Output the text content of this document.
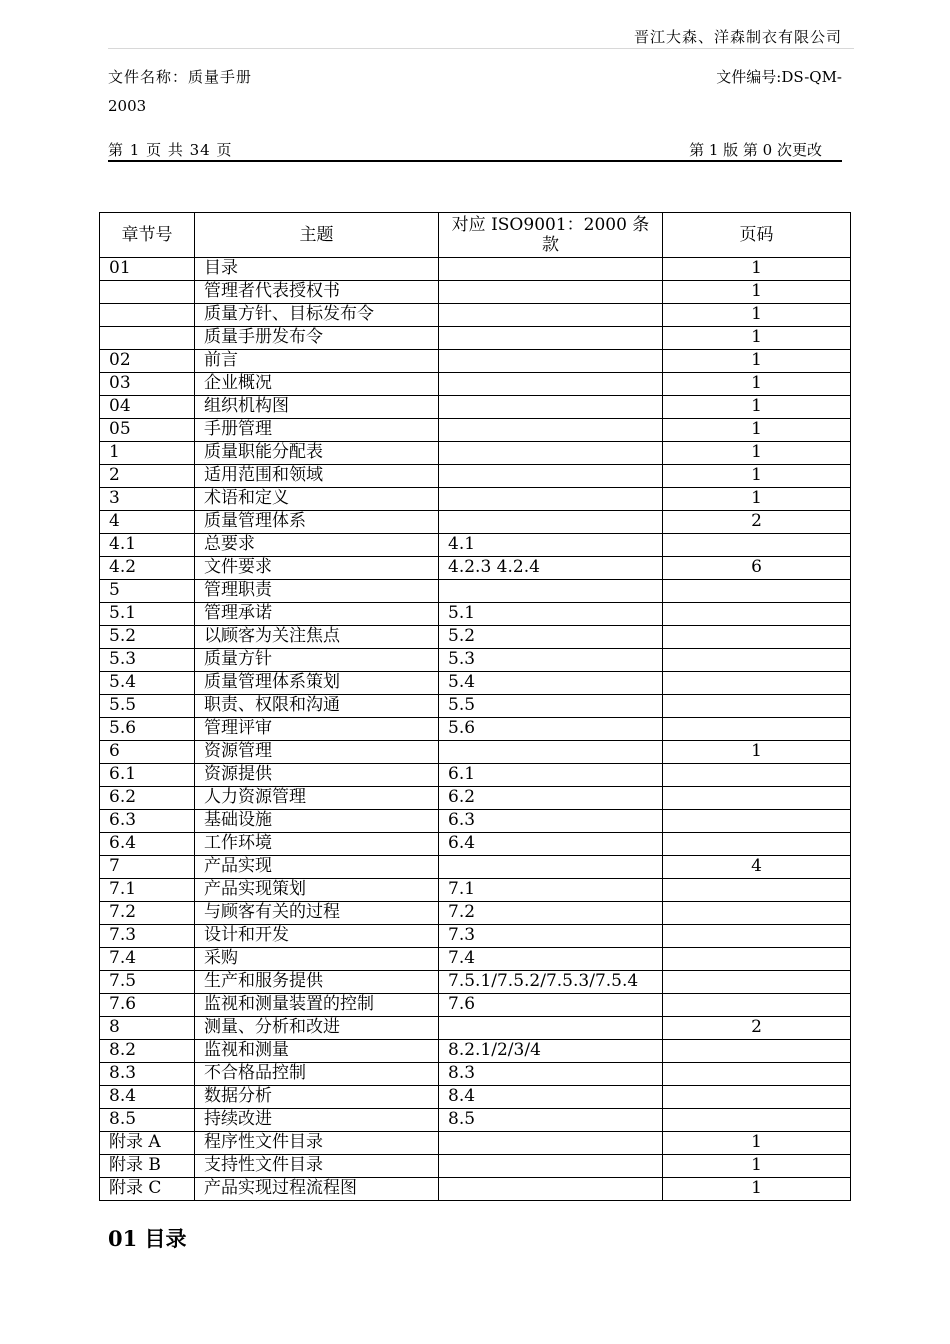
晋江大森、洋森制衣有限公司
文件名称：质量手册	文件编号:DS-QM-
2003
第 1 页 共 34 页	第 1 版 第 0 次更改
章节号	主题	对应 ISO9001：2000 条款	页码
01	目录		1
	管理者代表授权书		1
	质量方针、目标发布令		1
	质量手册发布令		1
02	前言		1
03	企业概况		1
04	组织机构图		1
05	手册管理		1
1	质量职能分配表		1
2	适用范围和领域		1
3	术语和定义		1
4	质量管理体系		2
4.1	总要求	4.1	
4.2	文件要求	4.2.3 4.2.4	6
5	管理职责		
5.1	管理承诺	5.1	
5.2	以顾客为关注焦点	5.2	
5.3	质量方针	5.3	
5.4	质量管理体系策划	5.4	
5.5	职责、权限和沟通	5.5	
5.6	管理评审	5.6	
6	资源管理		1
6.1	资源提供	6.1	
6.2	人力资源管理	6.2	
6.3	基础设施	6.3	
6.4	工作环境	6.4	
7	产品实现		4
7.1	产品实现策划	7.1	
7.2	与顾客有关的过程	7.2	
7.3	设计和开发	7.3	
7.4	采购	7.4	
7.5	生产和服务提供	7.5.1/7.5.2/7.5.3/7.5.4	
7.6	监视和测量装置的控制	7.6	
8	测量、分析和改进		2
8.2	监视和测量	8.2.1/2/3/4	
8.3	不合格品控制	8.3	
8.4	数据分析	8.4	
8.5	持续改进	8.5	
附录 A	程序性文件目录		1
附录 B	支持性文件目录		1
附录 C	产品实现过程流程图		1
01 目录
